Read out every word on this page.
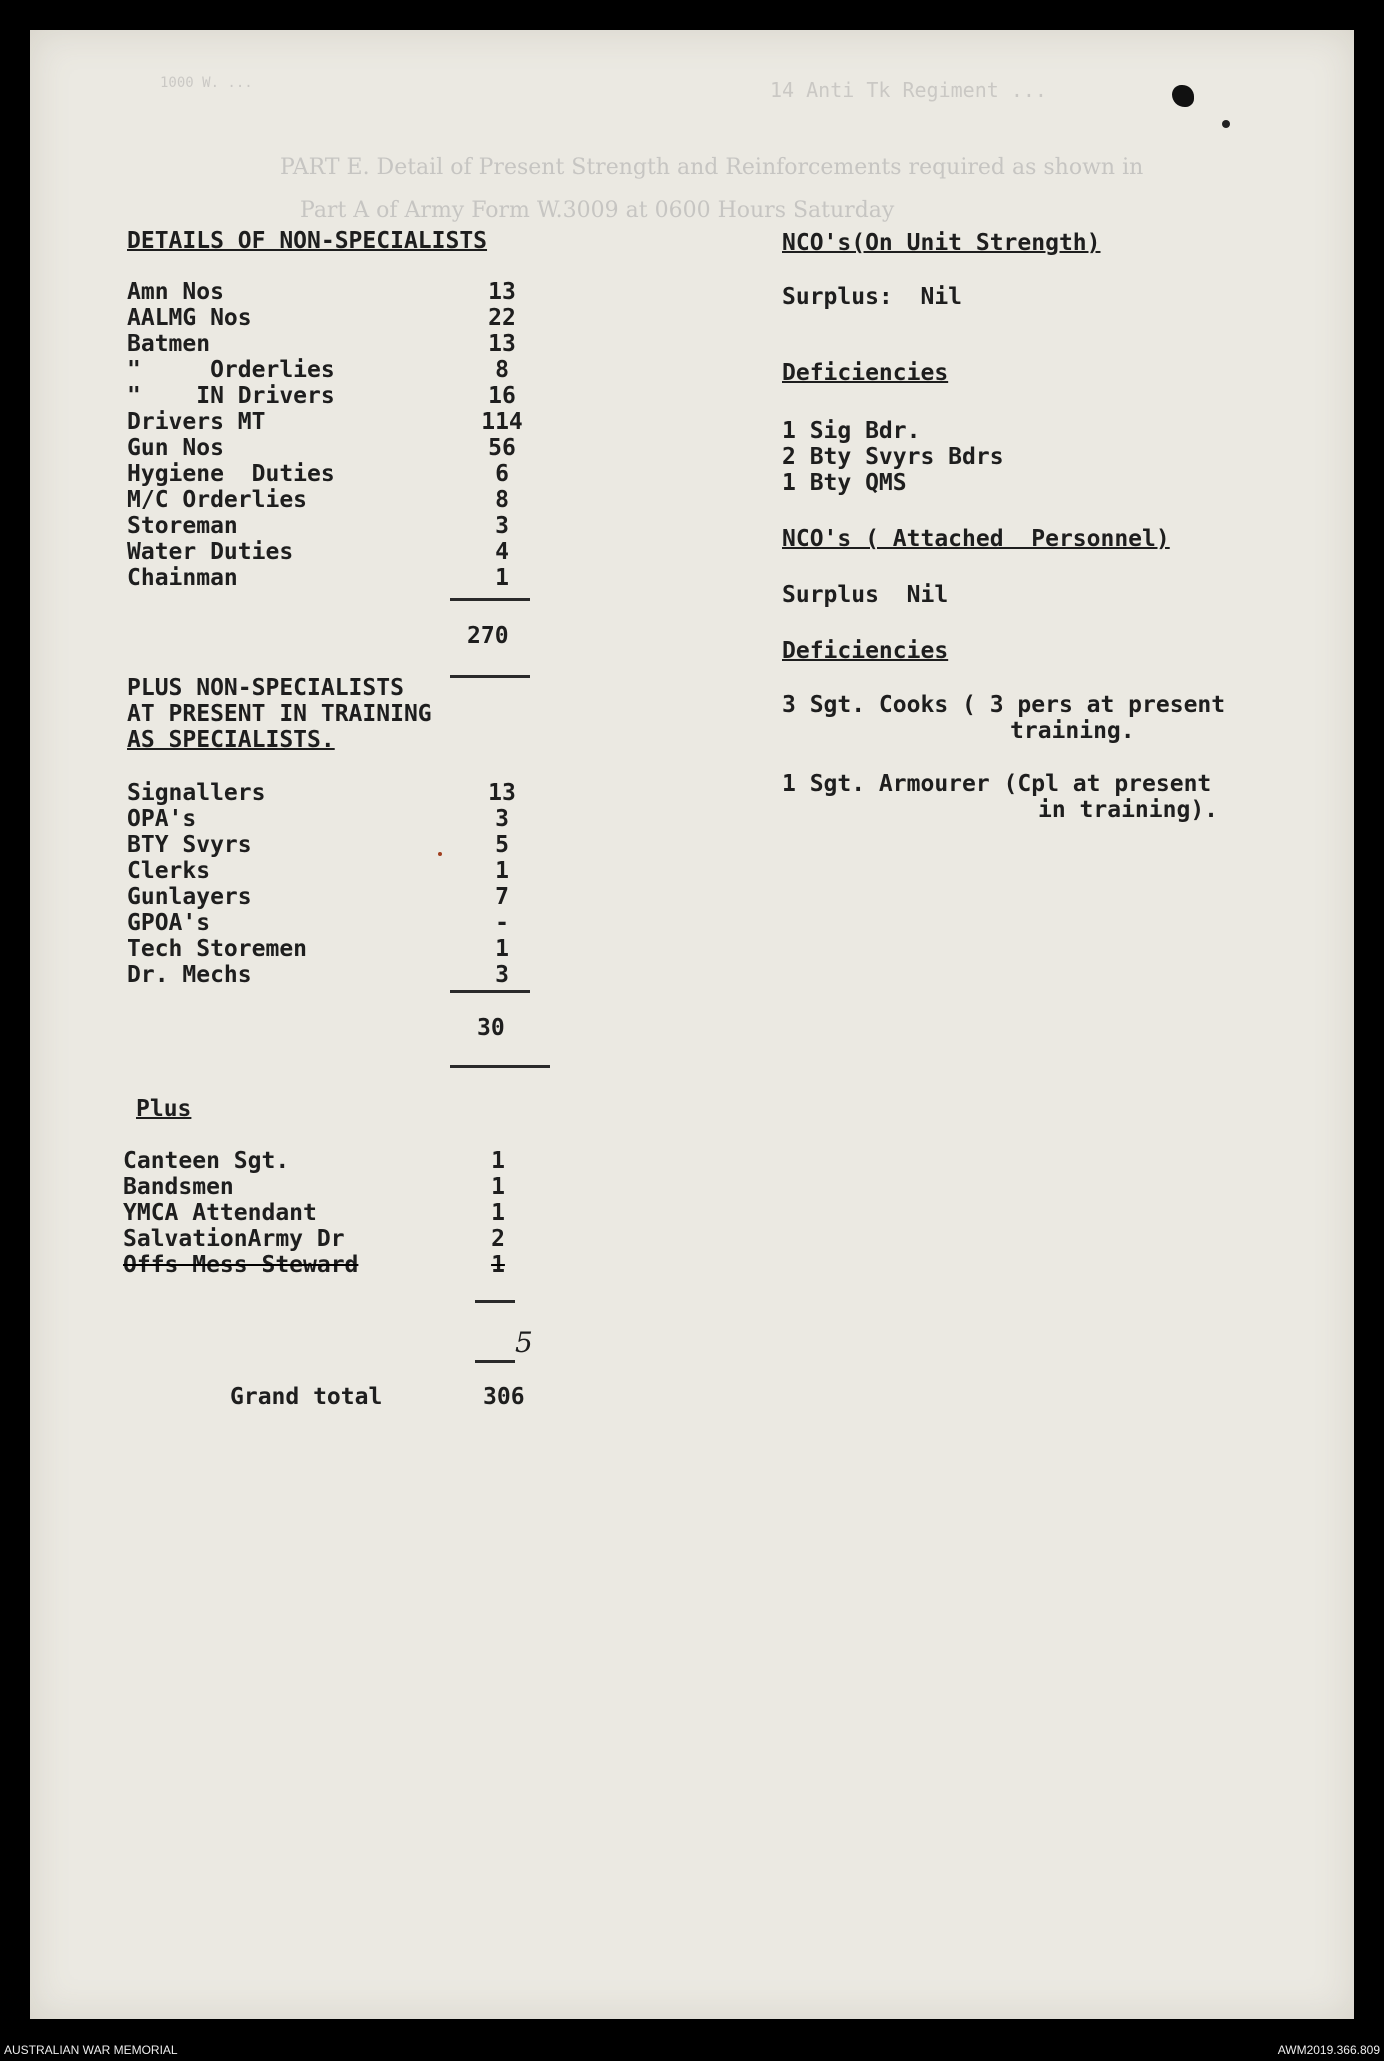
PART E. Detail of Present Strength and Reinforcements required as shown in
Part A of Army Form W.3009 at 0600 Hours Saturday
1000 W. ...	14 Anti Tk Regiment ...
DETAILS OF NON-SPECIALISTS
Amn Nos	13
AALMG Nos	22
Batmen	13
"     Orderlies	8
"    IN Drivers	16
Drivers MT	114
Gun Nos	56
Hygiene  Duties	6
M/C Orderlies	8
Storeman	3
Water Duties	4
Chainman	1
270
PLUS NON-SPECIALISTS
AT PRESENT IN TRAINING
AS SPECIALISTS.
Signallers	13
OPA's	3
BTY Svyrs	5
Clerks	1
Gunlayers	7
GPOA's	-
Tech Storemen	1
Dr. Mechs	3
30
Plus
Canteen Sgt.	1
Bandsmen	1
YMCA Attendant	1
SalvationArmy Dr	2
Offs Mess Steward	1
5
Grand total	306
NCO's(On Unit Strength)
Surplus:  Nil
Deficiencies
1 Sig Bdr.
2 Bty Svyrs Bdrs
1 Bty QMS
NCO's ( Attached  Personnel)
Surplus  Nil
Deficiencies
3 Sgt. Cooks ( 3 pers at present
training.
1 Sgt. Armourer (Cpl at present
in training).
AUSTRALIAN WAR MEMORIAL	AWM2019.366.809
